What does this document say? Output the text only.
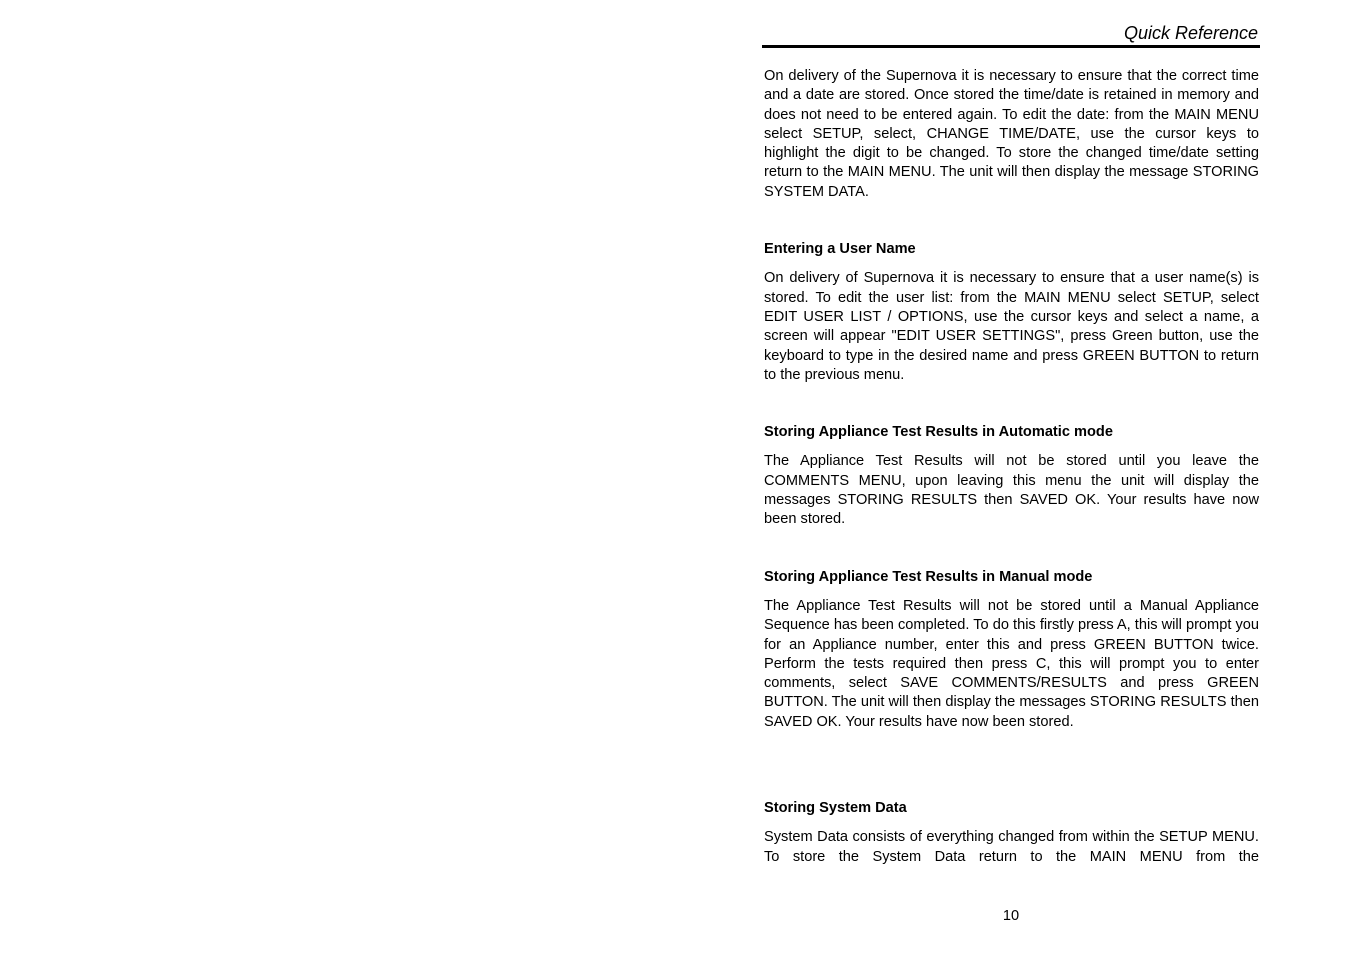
Quick Reference

On delivery of the Supernova it is necessary to ensure that the correct time and a date are stored. Once stored the time/date is retained in memory and does not need to be entered again. To edit the date: from the MAIN MENU select SETUP, select, CHANGE TIME/DATE, use the cursor keys to highlight the digit to be changed. To store the changed time/date setting return to the MAIN MENU. The unit will then display the message STORING SYSTEM DATA.

Entering a User Name

On delivery of Supernova it is necessary to ensure that a user name(s) is stored. To edit the user list: from the MAIN MENU select SETUP, select EDIT USER LIST / OPTIONS, use the cursor keys and select a name, a screen will appear "EDIT USER SETTINGS", press Green button, use the keyboard to type in the desired name and press GREEN BUTTON to return to the previous menu.

Storing Appliance Test Results in Automatic mode

The Appliance Test Results will not be stored until you leave the COMMENTS MENU, upon leaving this menu the unit will display the messages STORING RESULTS then SAVED OK. Your results have now been stored.

Storing Appliance Test Results in Manual mode

The Appliance Test Results will not be stored until a Manual Appliance Sequence has been completed. To do this firstly press A, this will prompt you for an Appliance number, enter this and press GREEN BUTTON twice. Perform the tests required then press C, this will prompt you to enter comments, select SAVE COMMENTS/RESULTS and press GREEN BUTTON. The unit will then display the messages STORING RESULTS then SAVED OK. Your results have now been stored.

Storing System Data

System Data consists of everything changed from within the SETUP MENU. To store the System Data return to the MAIN MENU from the

10
